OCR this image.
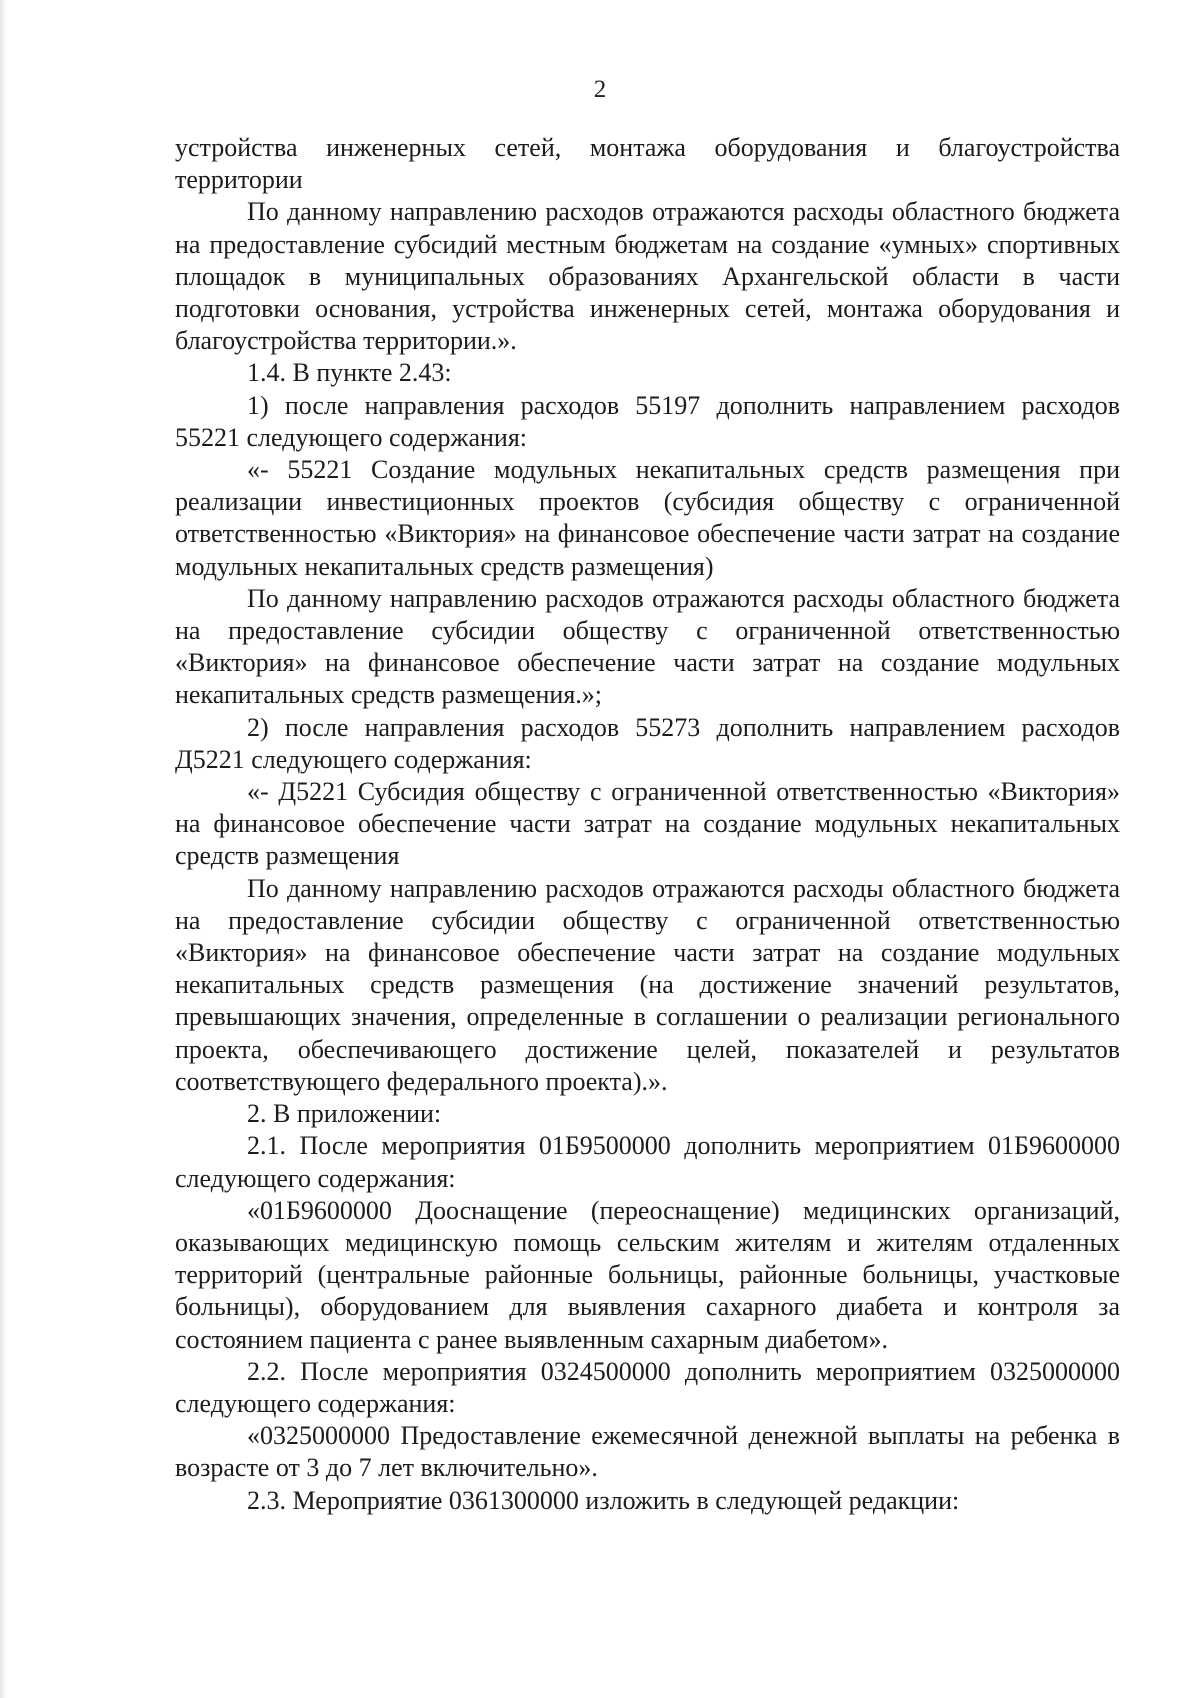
2

устройства инженерных сетей, монтажа оборудования и благоустройства территории

По данному направлению расходов отражаются расходы областного бюджета на предоставление субсидий местным бюджетам на создание «умных» спортивных площадок в муниципальных образованиях Архангельской области в части подготовки основания, устройства инженерных сетей, монтажа оборудования и благоустройства территории.».

1.4. В пункте 2.43:

1) после направления расходов 55197 дополнить направлением расходов 55221 следующего содержания:

«- 55221 Создание модульных некапитальных средств размещения при реализации инвестиционных проектов (субсидия обществу с ограниченной ответственностью «Виктория» на финансовое обеспечение части затрат на создание модульных некапитальных средств размещения)

По данному направлению расходов отражаются расходы областного бюджета на предоставление субсидии обществу с ограниченной ответственностью «Виктория» на финансовое обеспечение части затрат на создание модульных некапитальных средств размещения.»;

2) после направления расходов 55273 дополнить направлением расходов Д5221 следующего содержания:

«- Д5221 Субсидия обществу с ограниченной ответственностью «Виктория» на финансовое обеспечение части затрат на создание модульных некапитальных средств размещения

По данному направлению расходов отражаются расходы областного бюджета на предоставление субсидии обществу с ограниченной ответственностью «Виктория» на финансовое обеспечение части затрат на создание модульных некапитальных средств размещения (на достижение значений результатов, превышающих значения, определенные в соглашении о реализации регионального проекта, обеспечивающего достижение целей, показателей и результатов соответствующего федерального проекта).».

2. В приложении:

2.1. После мероприятия 01Б9500000 дополнить мероприятием 01Б9600000 следующего содержания:

«01Б9600000 Дооснащение (переоснащение) медицинских организаций, оказывающих медицинскую помощь сельским жителям и жителям отдаленных территорий (центральные районные больницы, районные больницы, участковые больницы), оборудованием для выявления сахарного диабета и контроля за состоянием пациента с ранее выявленным сахарным диабетом».

2.2. После мероприятия 0324500000 дополнить мероприятием 0325000000 следующего содержания:

«0325000000 Предоставление ежемесячной денежной выплаты на ребенка в возрасте от 3 до 7 лет включительно».

2.3. Мероприятие 0361300000 изложить в следующей редакции:
